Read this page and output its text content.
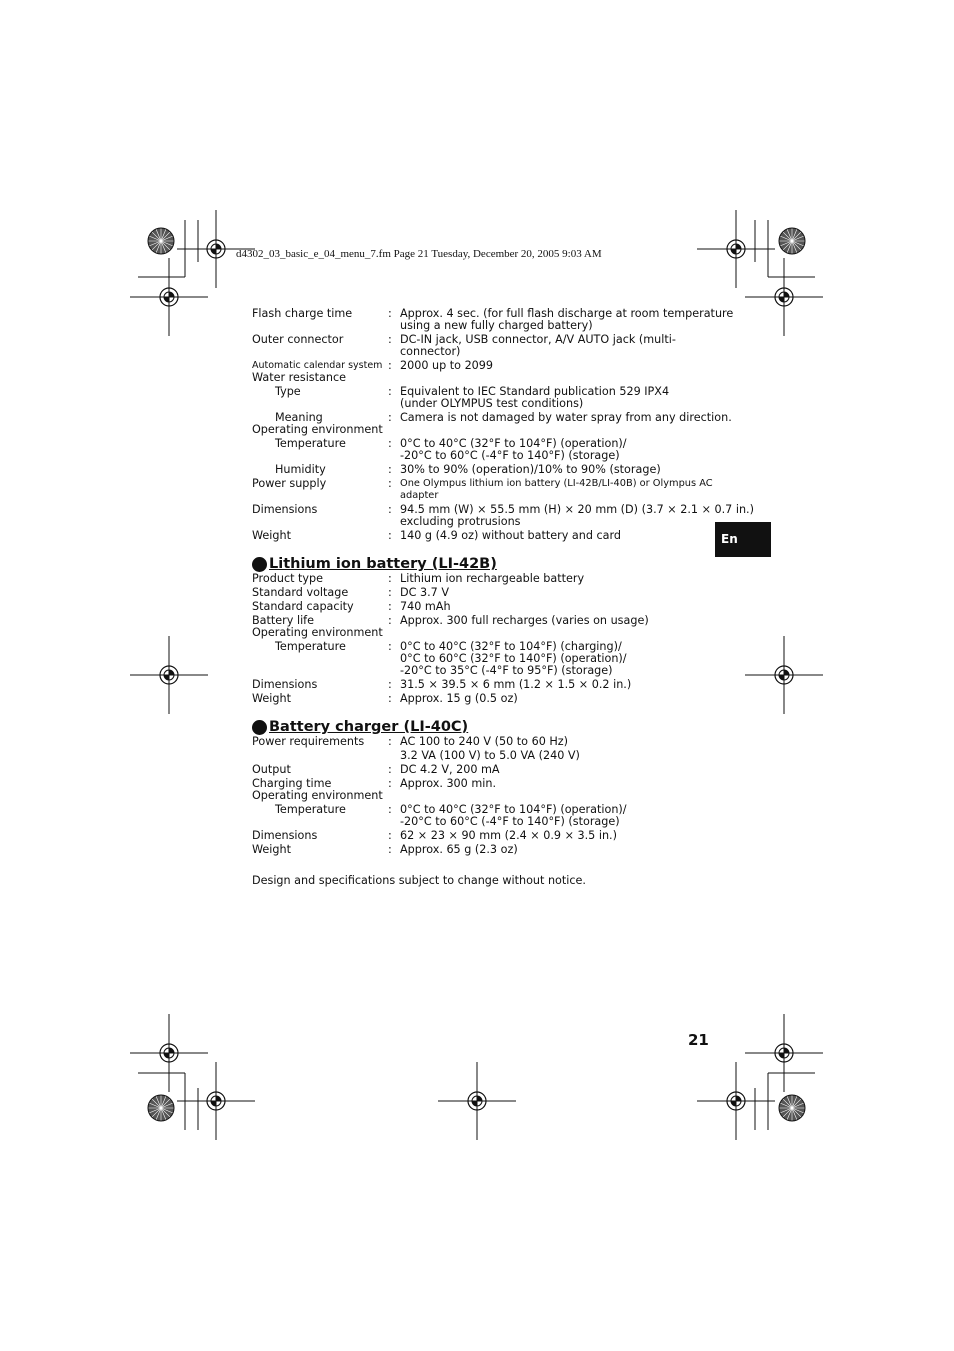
d4302_03_basic_e_04_menu_7.fm Page 21 Tuesday, December 20, 2005 9:03 AM
Flash charge time	: Approx. 4 sec. (for full flash discharge at room temperature
using a new fully charged battery)
Outer connector	: DC-IN jack, USB connector, A/V AUTO jack (multi-
connector)
Automatic calendar system : 2000 up to 2099
Water resistance
Type	: Equivalent to IEC Standard publication 529 IPX4
(under OLYMPUS test conditions)
Meaning	: Camera is not damaged by water spray from any direction.
Operating environment
Temperature	: 0°C to 40°C (32°F to 104°F) (operation)/
-20°C to 60°C (-4°F to 140°F) (storage)
Humidity	: 30% to 90% (operation)/10% to 90% (storage)
Power supply	: One Olympus lithium ion battery (LI-42B/LI-40B) or Olympus AC
adapter
Dimensions	: 94.5 mm (W) × 55.5 mm (H) × 20 mm (D) (3.7 × 2.1 × 0.7 in.)
excluding protrusions
Weight	: 140 g (4.9 oz) without battery and card
Lithium ion battery (LI-42B)
Product type	: Lithium ion rechargeable battery
Standard voltage	: DC 3.7 V
Standard capacity	: 740 mAh
Battery life	: Approx. 300 full recharges (varies on usage)
Operating environment
Temperature	: 0°C to 40°C (32°F to 104°F) (charging)/
0°C to 60°C (32°F to 140°F) (operation)/
-20°C to 35°C (-4°F to 95°F) (storage)
Dimensions	: 31.5 × 39.5 × 6 mm (1.2 × 1.5 × 0.2 in.)
Weight	: Approx. 15 g (0.5 oz)
Battery charger (LI-40C)
Power requirements : AC 100 to 240 V (50 to 60 Hz)
3.2 VA (100 V) to 5.0 VA (240 V)
Output	: DC 4.2 V, 200 mA
Charging time	: Approx. 300 min.
Operating environment
Temperature	: 0°C to 40°C (32°F to 104°F) (operation)/
-20°C to 60°C (-4°F to 140°F) (storage)
Dimensions	: 62 × 23 × 90 mm (2.4 × 0.9 × 3.5 in.)
Weight	: Approx. 65 g (2.3 oz)
Design and specifications subject to change without notice.
En
21
